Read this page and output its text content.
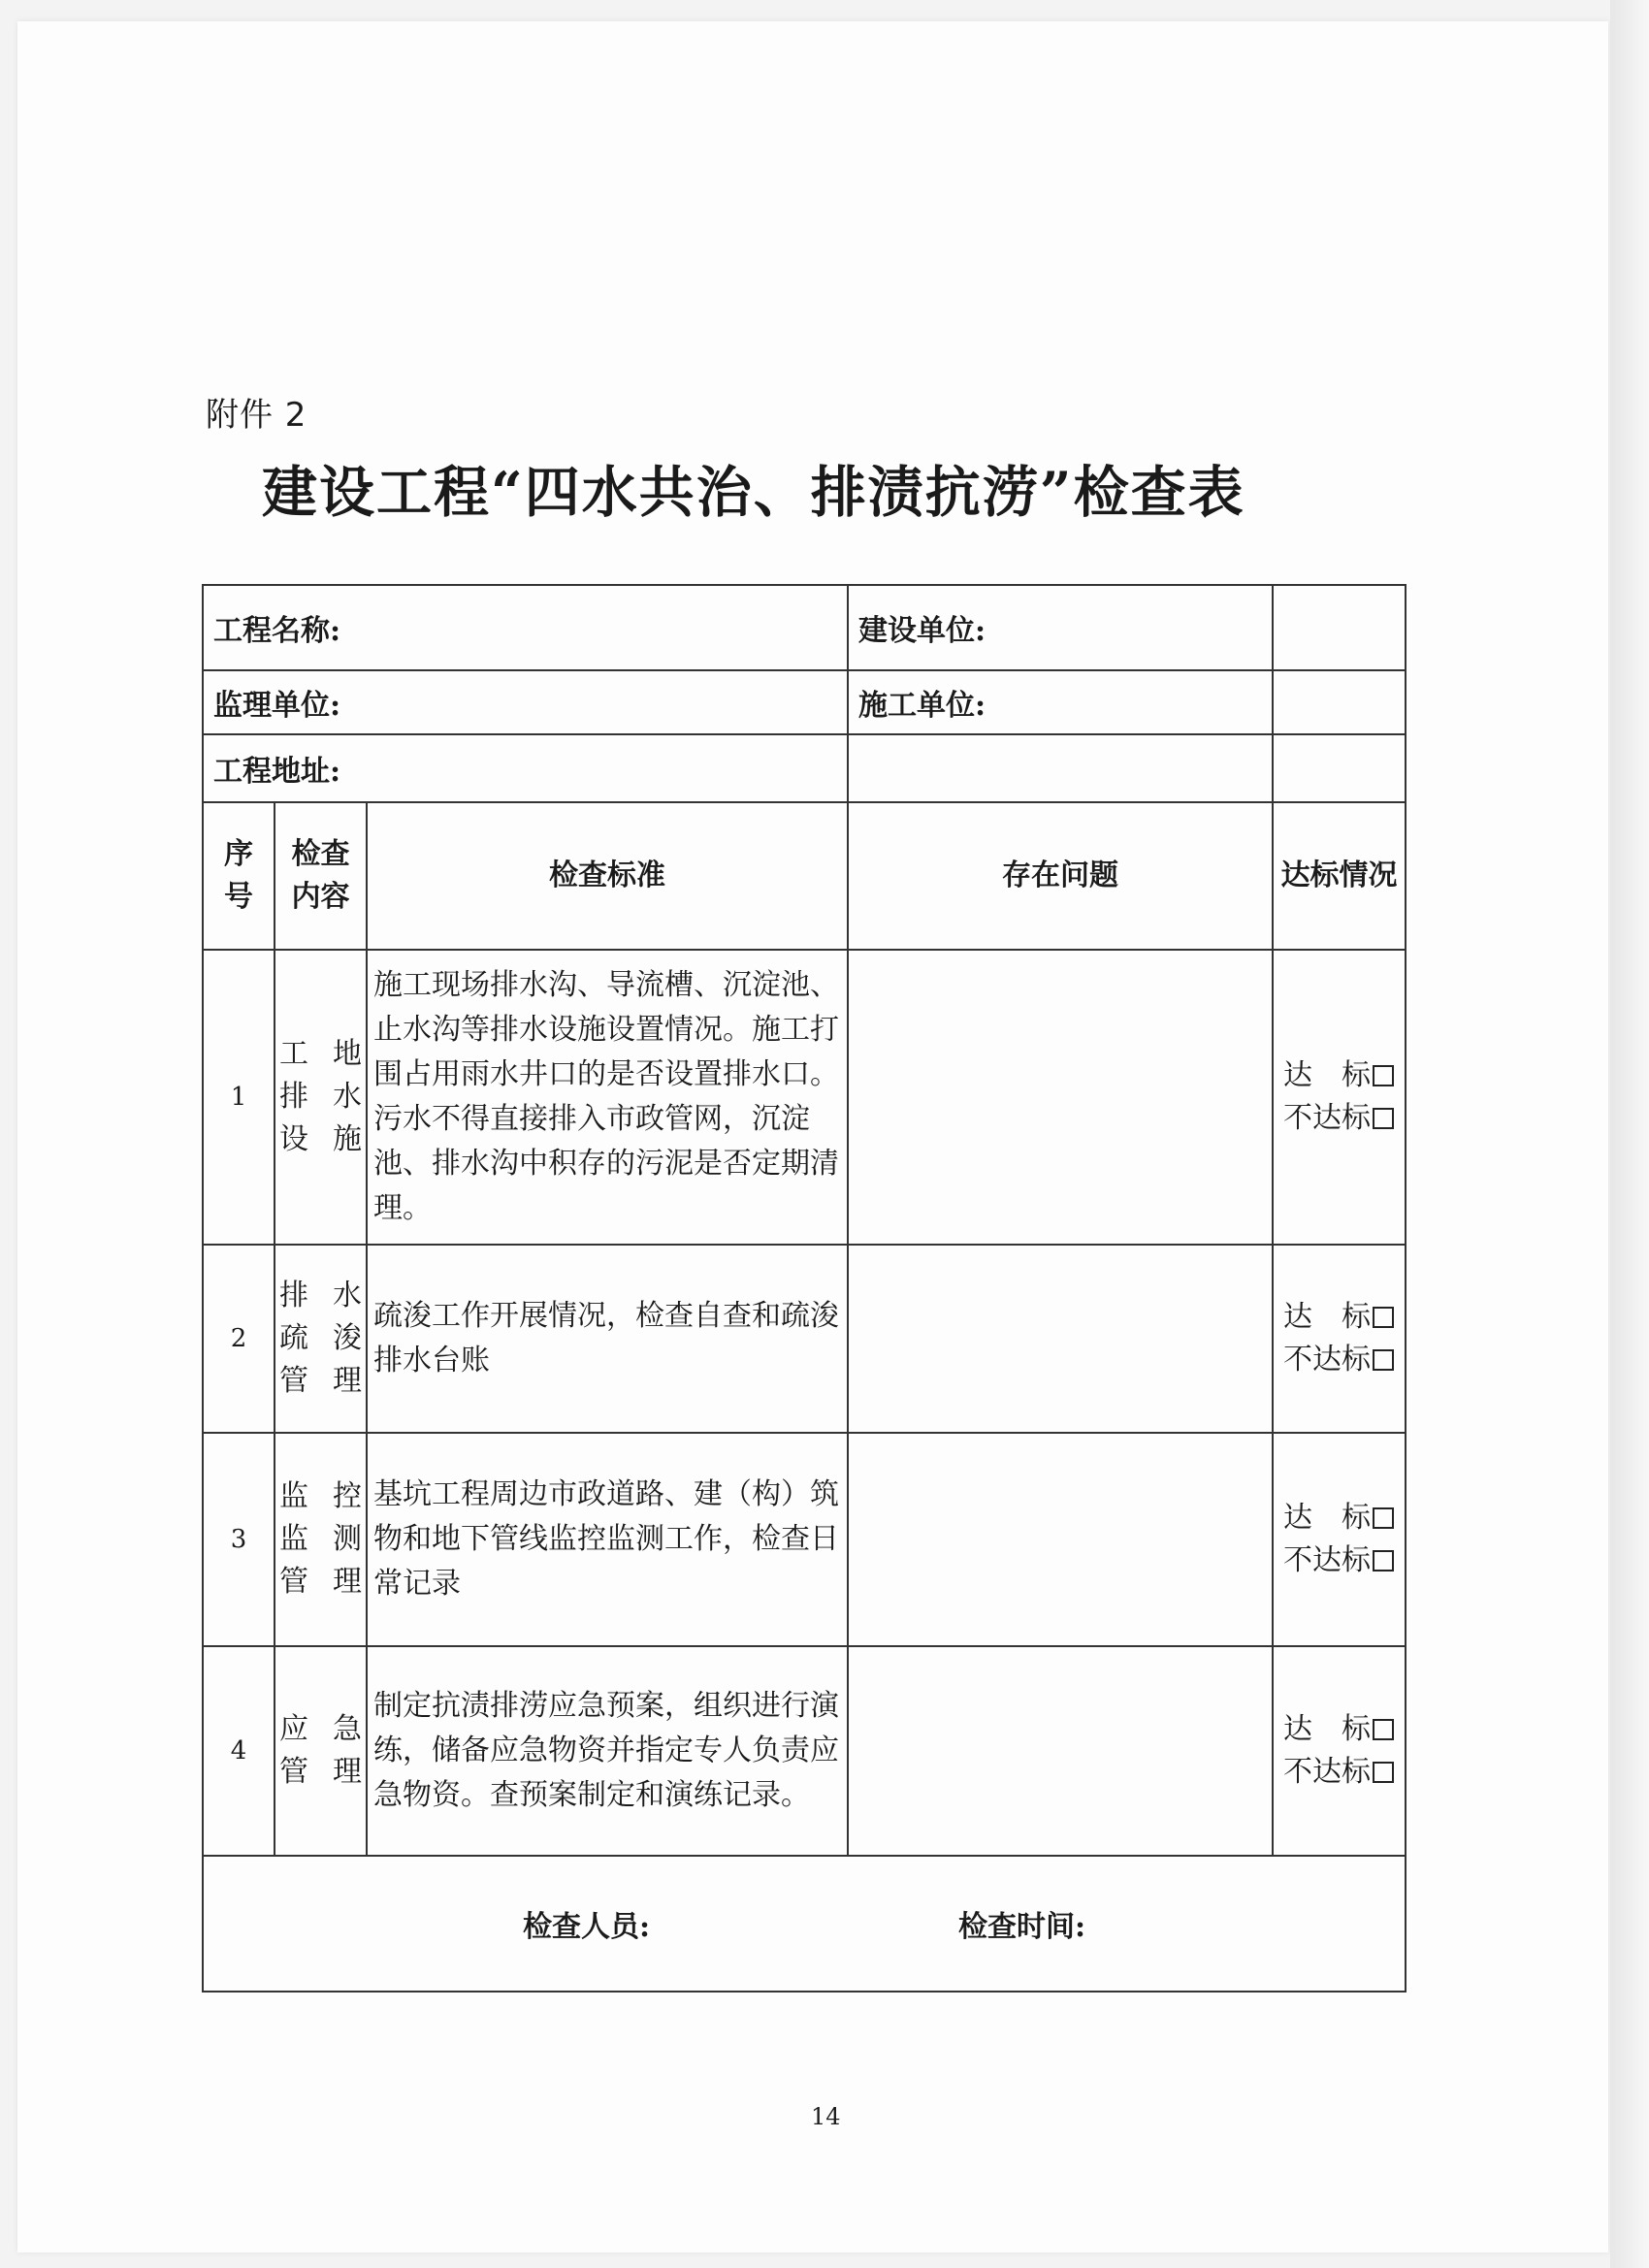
附件 2
建设工程“四水共治、排渍抗涝”检查表
工程名称:			建设单位:	
监理单位:			施工单位:	
工程地址:				
序号	检查内容	检查标准	存在问题	达标情况
1	工地排水设施	施工现场排水沟、导流槽、沉淀池、止水沟等排水设施设置情况。施工打围占用雨水井口的是否设置排水口。污水不得直接排入市政管网，沉淀池、排水沟中积存的污泥是否定期清理。		达　标
不达标

2	排水疏浚管理	疏浚工作开展情况，检查自查和疏浚排水台账		达　标
不达标

3	监控监测管理	基坑工程周边市政道路、建（构）筑物和地下管线监控监测工作，检查日常记录		达　标
不达标

4	应急管理	制定抗渍排涝应急预案，组织进行演练，储备应急物资并指定专人负责应急物资。查预案制定和演练记录。		达　标
不达标

检查人员: 检查时间:				
14
